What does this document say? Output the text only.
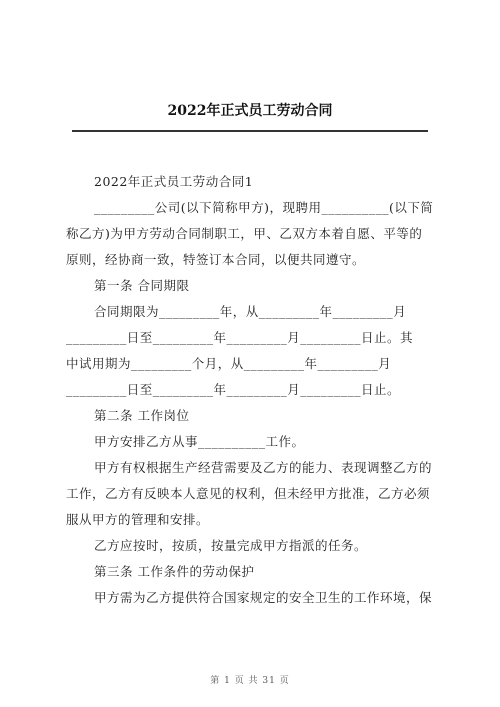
2022年正式员工劳动合同
2022年正式员工劳动合同1
_________公司(以下简称甲方)，现聘用__________(以下简
称乙方)为甲方劳动合同制职工，甲、乙双方本着自愿、平等的
原则，经协商一致，特签订本合同，以便共同遵守。
第一条 合同期限
合同期限为_________年，从_________年_________月
_________日至_________年_________月_________日止。其
中试用期为_________个月，从_________年_________月
_________日至_________年_________月_________日止。
第二条 工作岗位
甲方安排乙方从事__________工作。
甲方有权根据生产经营需要及乙方的能力、表现调整乙方的
工作，乙方有反映本人意见的权利，但未经甲方批准，乙方必须
服从甲方的管理和安排。
乙方应按时，按质，按量完成甲方指派的任务。
第三条 工作条件的劳动保护
甲方需为乙方提供符合国家规定的安全卫生的工作环境，保
第 1 页 共 31 页
